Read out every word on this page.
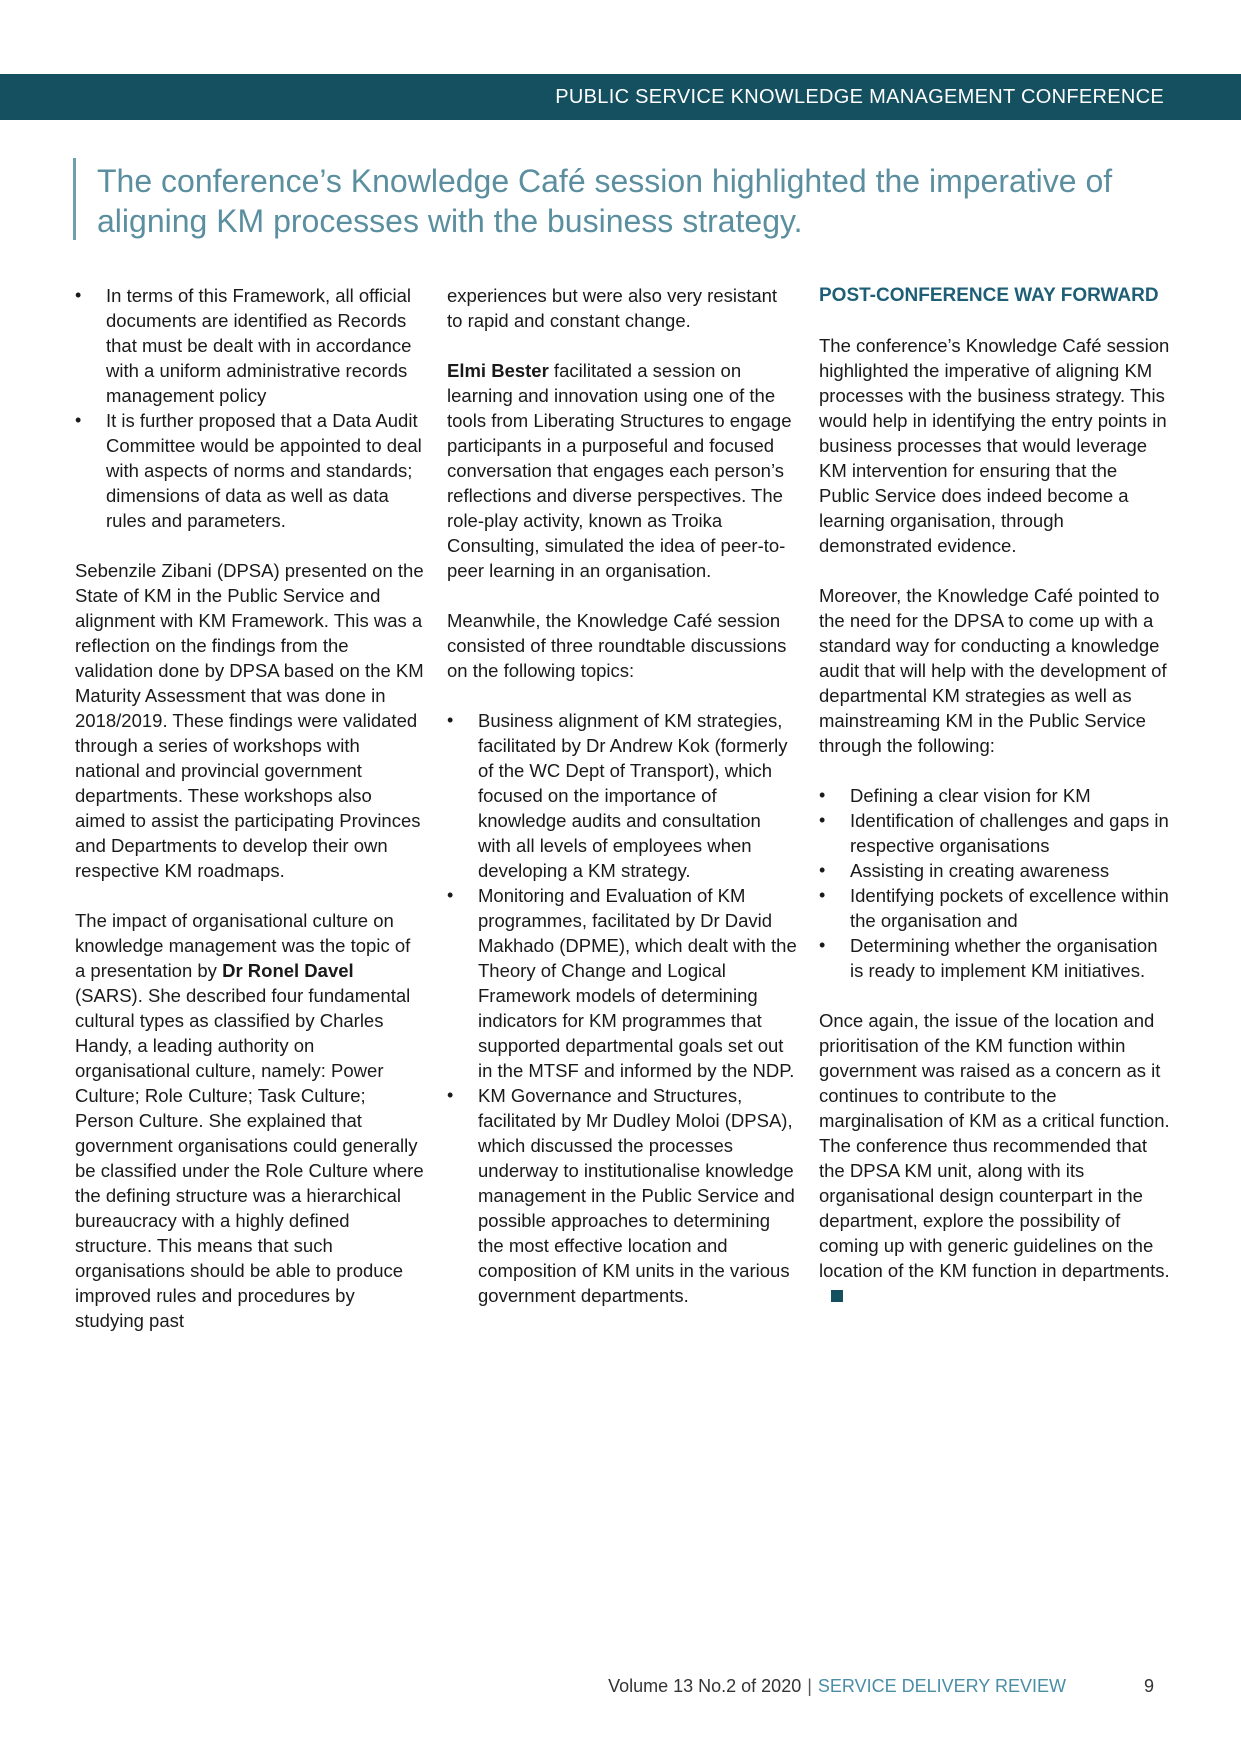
PUBLIC SERVICE KNOWLEDGE MANAGEMENT CONFERENCE
The conference’s Knowledge Café session highlighted the imperative of aligning KM processes with the business strategy.
• In terms of this Framework, all official documents are identified as Records that must be dealt with in accordance with a uniform administrative records management policy
• It is further proposed that a Data Audit Committee would be appointed to deal with aspects of norms and standards; dimensions of data as well as data rules and parameters.

Sebenzile Zibani (DPSA) presented on the State of KM in the Public Service and alignment with KM Framework. This was a reflection on the findings from the validation done by DPSA based on the KM Maturity Assessment that was done in 2018/2019. These findings were validated through a series of workshops with national and provincial government departments. These workshops also aimed to assist the participating Provinces and Departments to develop their own respective KM roadmaps.

The impact of organisational culture on knowledge management was the topic of a presentation by Dr Ronel Davel (SARS). She described four fundamental cultural types as classified by Charles Handy, a leading authority on organisational culture, namely: Power Culture; Role Culture; Task Culture; Person Culture. She explained that government organisations could generally be classified under the Role Culture where the defining structure was a hierarchical bureaucracy with a highly defined structure. This means that such organisations should be able to produce improved rules and procedures by studying past

experiences but were also very resistant to rapid and constant change.

Elmi Bester facilitated a session on learning and innovation using one of the tools from Liberating Structures to engage participants in a purposeful and focused conversation that engages each person’s reflections and diverse perspectives. The role-play activity, known as Troika Consulting, simulated the idea of peer-to-peer learning in an organisation.

Meanwhile, the Knowledge Café session consisted of three roundtable discussions on the following topics:

• Business alignment of KM strategies, facilitated by Dr Andrew Kok (formerly of the WC Dept of Transport), which focused on the importance of knowledge audits and consultation with all levels of employees when developing a KM strategy.
• Monitoring and Evaluation of KM programmes, facilitated by Dr David Makhado (DPME), which dealt with the Theory of Change and Logical Framework models of determining indicators for KM programmes that supported departmental goals set out in the MTSF and informed by the NDP.
• KM Governance and Structures, facilitated by Mr Dudley Moloi (DPSA), which discussed the processes underway to institutionalise knowledge management in the Public Service and possible approaches to determining the most effective location and composition of KM units in the various government departments.
POST-CONFERENCE WAY FORWARD

The conference’s Knowledge Café session highlighted the imperative of aligning KM processes with the business strategy. This would help in identifying the entry points in business processes that would leverage KM intervention for ensuring that the Public Service does indeed become a learning organisation, through demonstrated evidence.

Moreover, the Knowledge Café pointed to the need for the DPSA to come up with a standard way for conducting a knowledge audit that will help with the development of departmental KM strategies as well as mainstreaming KM in the Public Service through the following:

• Defining a clear vision for KM
• Identification of challenges and gaps in respective organisations
• Assisting in creating awareness
• Identifying pockets of excellence within the organisation and
• Determining whether the organisation is ready to implement KM initiatives.

Once again, the issue of the location and prioritisation of the KM function within government was raised as a concern as it continues to contribute to the marginalisation of KM as a critical function. The conference thus recommended that the DPSA KM unit, along with its organisational design counterpart in the department, explore the possibility of coming up with generic guidelines on the location of the KM function in departments.

Volume 13 No.2 of 2020 | SERVICE DELIVERY REVIEW	9
